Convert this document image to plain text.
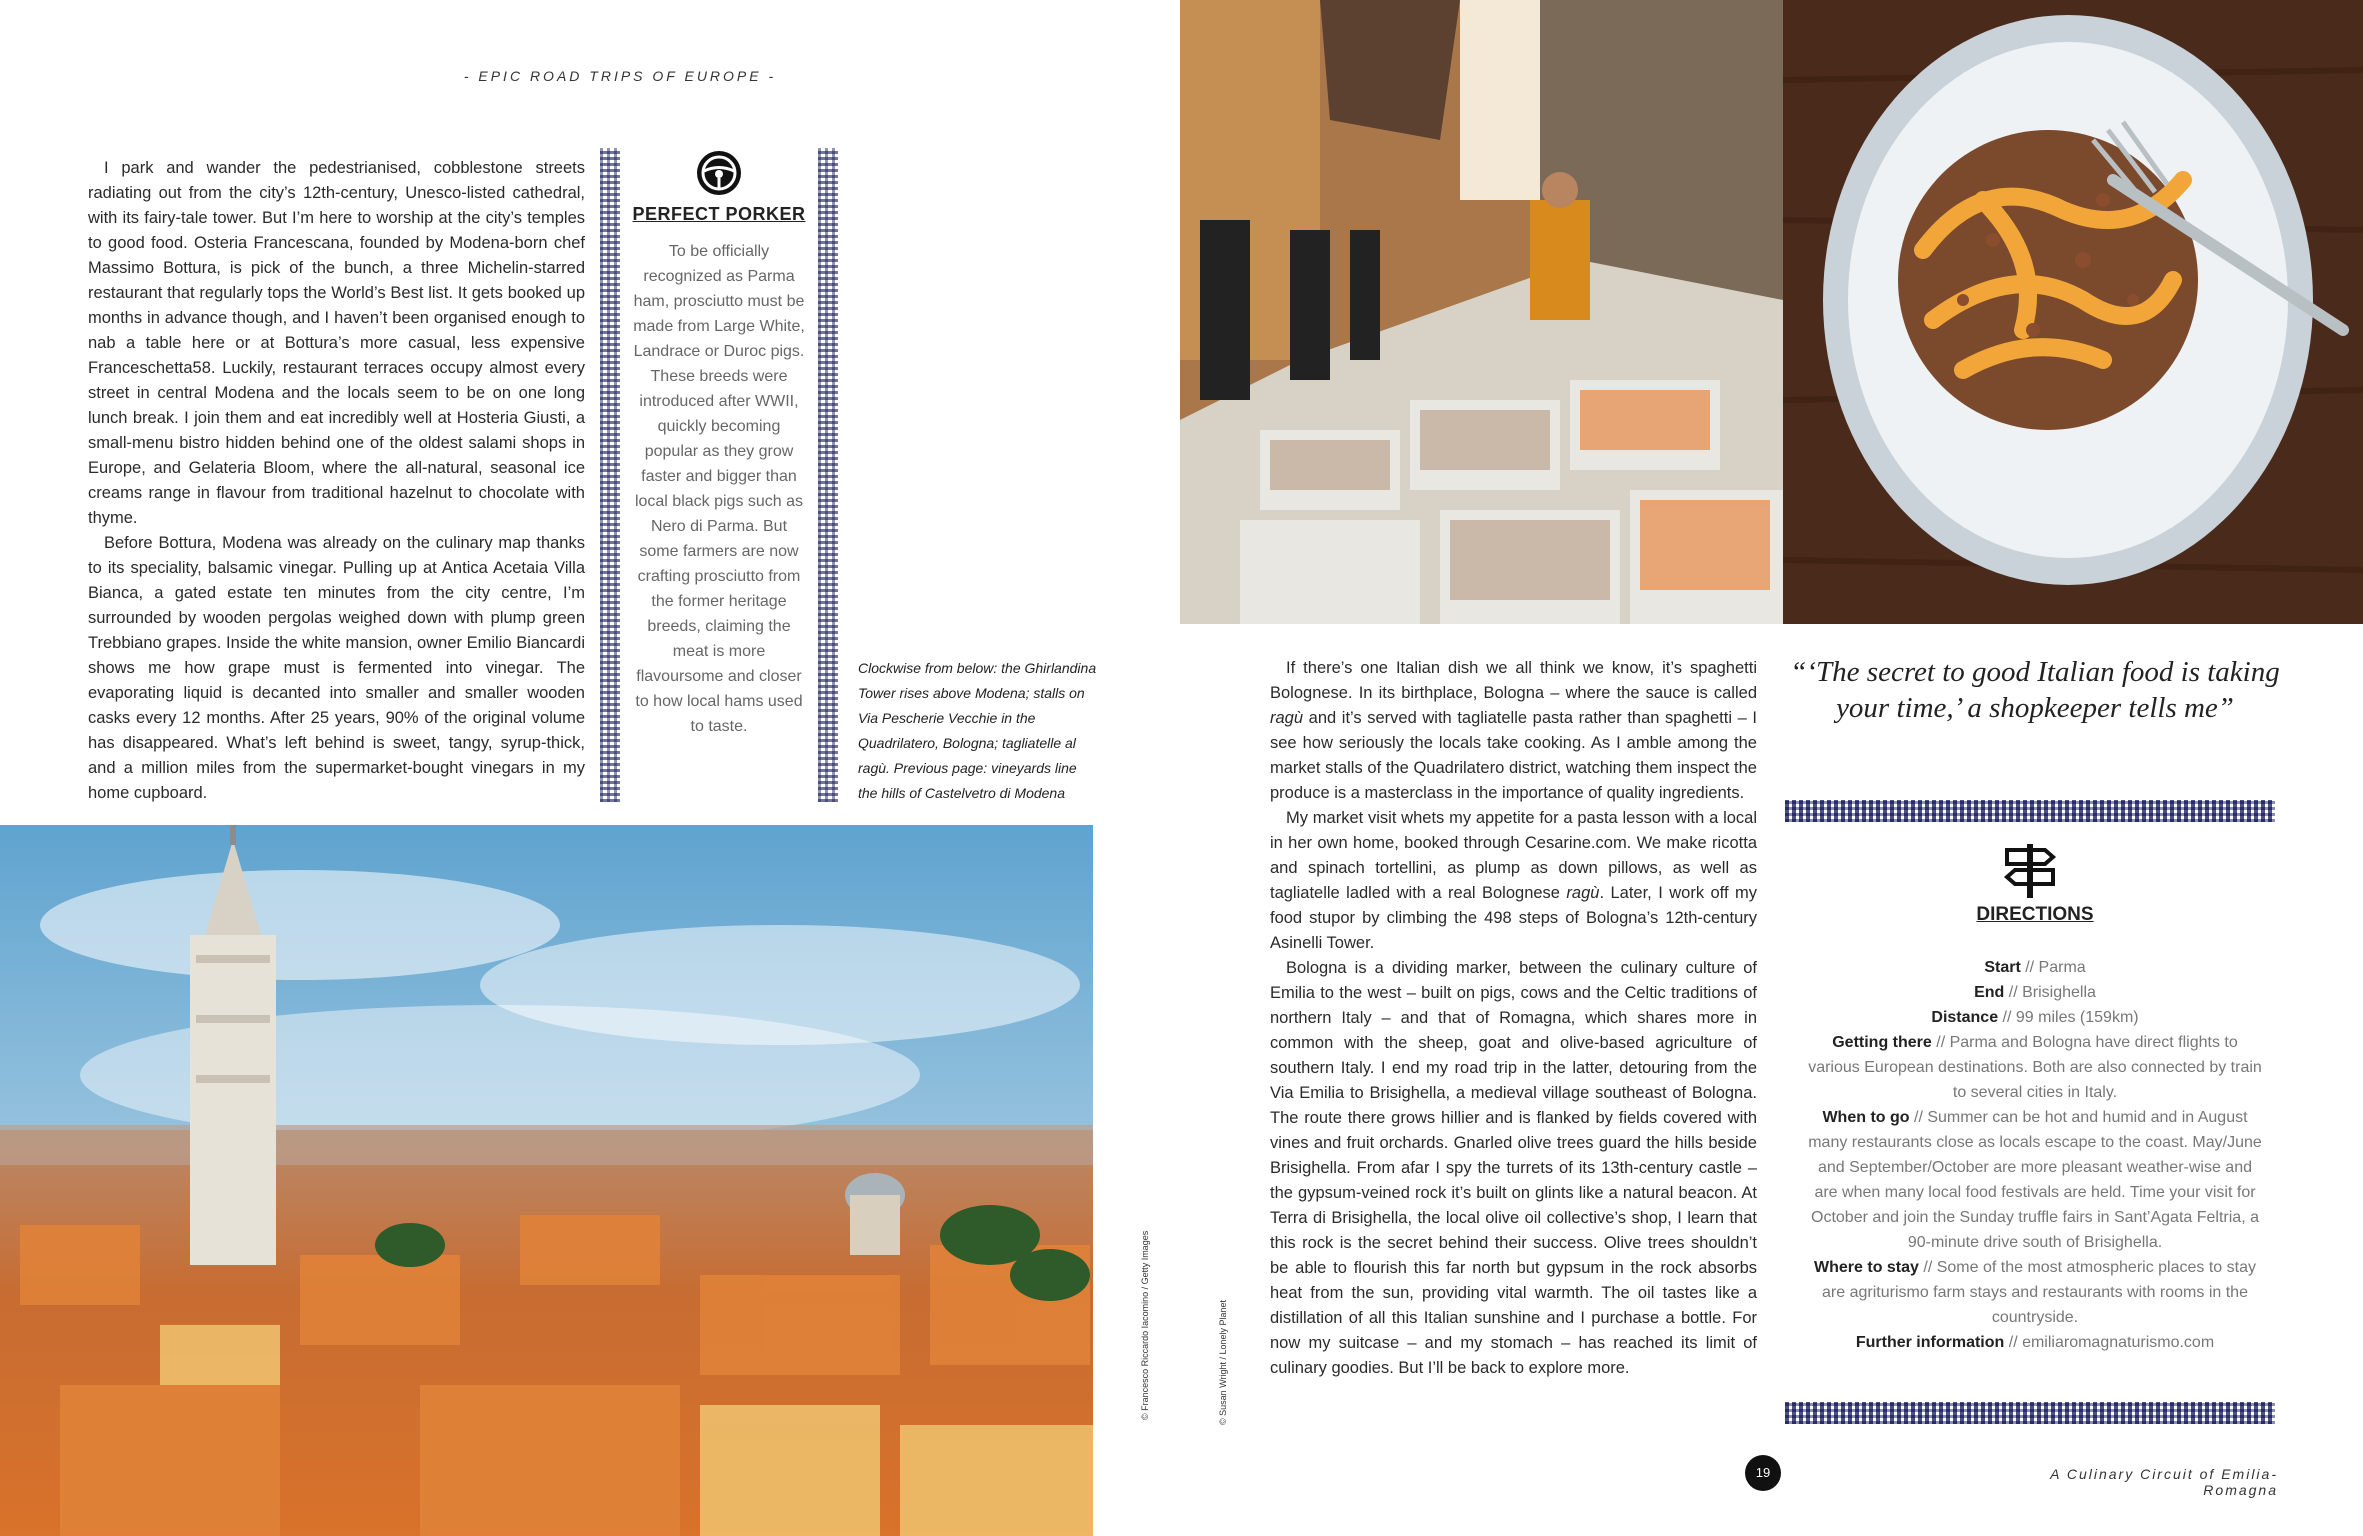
- EPIC ROAD TRIPS OF EUROPE -

I park and wander the pedestrianised, cobblestone streets radiating out from the city’s 12th-century, Unesco-listed cathedral, with its fairy-tale tower. But I’m here to worship at the city’s temples to good food. Osteria Francescana, founded by Modena-born chef Massimo Bottura, is pick of the bunch, a three Michelin-starred restaurant that regularly tops the World’s Best list. It gets booked up months in advance though, and I haven’t been organised enough to nab a table here or at Bottura’s more casual, less expensive Franceschetta58. Luckily, restaurant terraces occupy almost every street in central Modena and the locals seem to be on one long lunch break. I join them and eat incredibly well at Hosteria Giusti, a small-menu bistro hidden behind one of the oldest salami shops in Europe, and Gelateria Bloom, where the all-natural, seasonal ice creams range in flavour from traditional hazelnut to chocolate with thyme.

Before Bottura, Modena was already on the culinary map thanks to its speciality, balsamic vinegar. Pulling up at Antica Acetaia Villa Bianca, a gated estate ten minutes from the city centre, I’m surrounded by wooden pergolas weighed down with plump green Trebbiano grapes. Inside the white mansion, owner Emilio Biancardi shows me how grape must is fermented into vinegar. The evaporating liquid is decanted into smaller and smaller wooden casks every 12 months. After 25 years, 90% of the original volume has disappeared. What’s left behind is sweet, tangy, syrup-thick, and a million miles from the supermarket-bought vinegars in my home cupboard.

PERFECT PORKER
To be officially recognized as Parma ham, prosciutto must be made from Large White, Landrace or Duroc pigs. These breeds were introduced after WWII, quickly becoming popular as they grow faster and bigger than local black pigs such as Nero di Parma. But some farmers are now crafting prosciutto from the former heritage breeds, claiming the meat is more flavoursome and closer to how local hams used to taste.
Clockwise from below: the Ghirlandina Tower rises above Modena; stalls on Via Pescherie Vecchie in the Quadrilatero, Bologna; tagliatelle al ragù. Previous page: vineyards line the hills of Castelvetro di Modena
© Francesco Riccardo Iacomino / Getty Images	© Susan Wright / Lonely Planet

If there’s one Italian dish we all think we know, it’s spaghetti Bolognese. In its birthplace, Bologna – where the sauce is called ragù and it’s served with tagliatelle pasta rather than spaghetti – I see how seriously the locals take cooking. As I amble among the market stalls of the Quadrilatero district, watching them inspect the produce is a masterclass in the importance of quality ingredients.

My market visit whets my appetite for a pasta lesson with a local in her own home, booked through Cesarine.com. We make ricotta and spinach tortellini, as plump as down pillows, as well as tagliatelle ladled with a real Bolognese ragù. Later, I work off my food stupor by climbing the 498 steps of Bologna’s 12th-century Asinelli Tower.

Bologna is a dividing marker, between the culinary culture of Emilia to the west – built on pigs, cows and the Celtic traditions of northern Italy – and that of Romagna, which shares more in common with the sheep, goat and olive-based agriculture of southern Italy. I end my road trip in the latter, detouring from the Via Emilia to Brisighella, a medieval village southeast of Bologna. The route there grows hillier and is flanked by fields covered with vines and fruit orchards. Gnarled olive trees guard the hills beside Brisighella. From afar I spy the turrets of its 13th-century castle – the gypsum-veined rock it’s built on glints like a natural beacon. At Terra di Brisighella, the local olive oil collective’s shop, I learn that this rock is the secret behind their success. Olive trees shouldn’t be able to flourish this far north but gypsum in the rock absorbs heat from the sun, providing vital warmth. The oil tastes like a distillation of all this Italian sunshine and I purchase a bottle. For now my suitcase – and my stomach – has reached its limit of culinary goodies. But I’ll be back to explore more.

“‘The secret to good Italian food is taking your time,’ a shopkeeper tells me”
DIRECTIONS
Start // Parma
End // Brisighella
Distance // 99 miles (159km)
Getting there // Parma and Bologna have direct flights to various European destinations. Both are also connected by train to several cities in Italy.
When to go // Summer can be hot and humid and in August many restaurants close as locals escape to the coast. May/June and September/October are more pleasant weather-wise and are when many local food festivals are held. Time your visit for October and join the Sunday truffle fairs in Sant’Agata Feltria, a 90-minute drive south of Brisighella.
Where to stay // Some of the most atmospheric places to stay are agriturismo farm stays and restaurants with rooms in the countryside.
Further information // emiliaromagnaturismo.com
19	A Culinary Circuit of Emilia-Romagna
